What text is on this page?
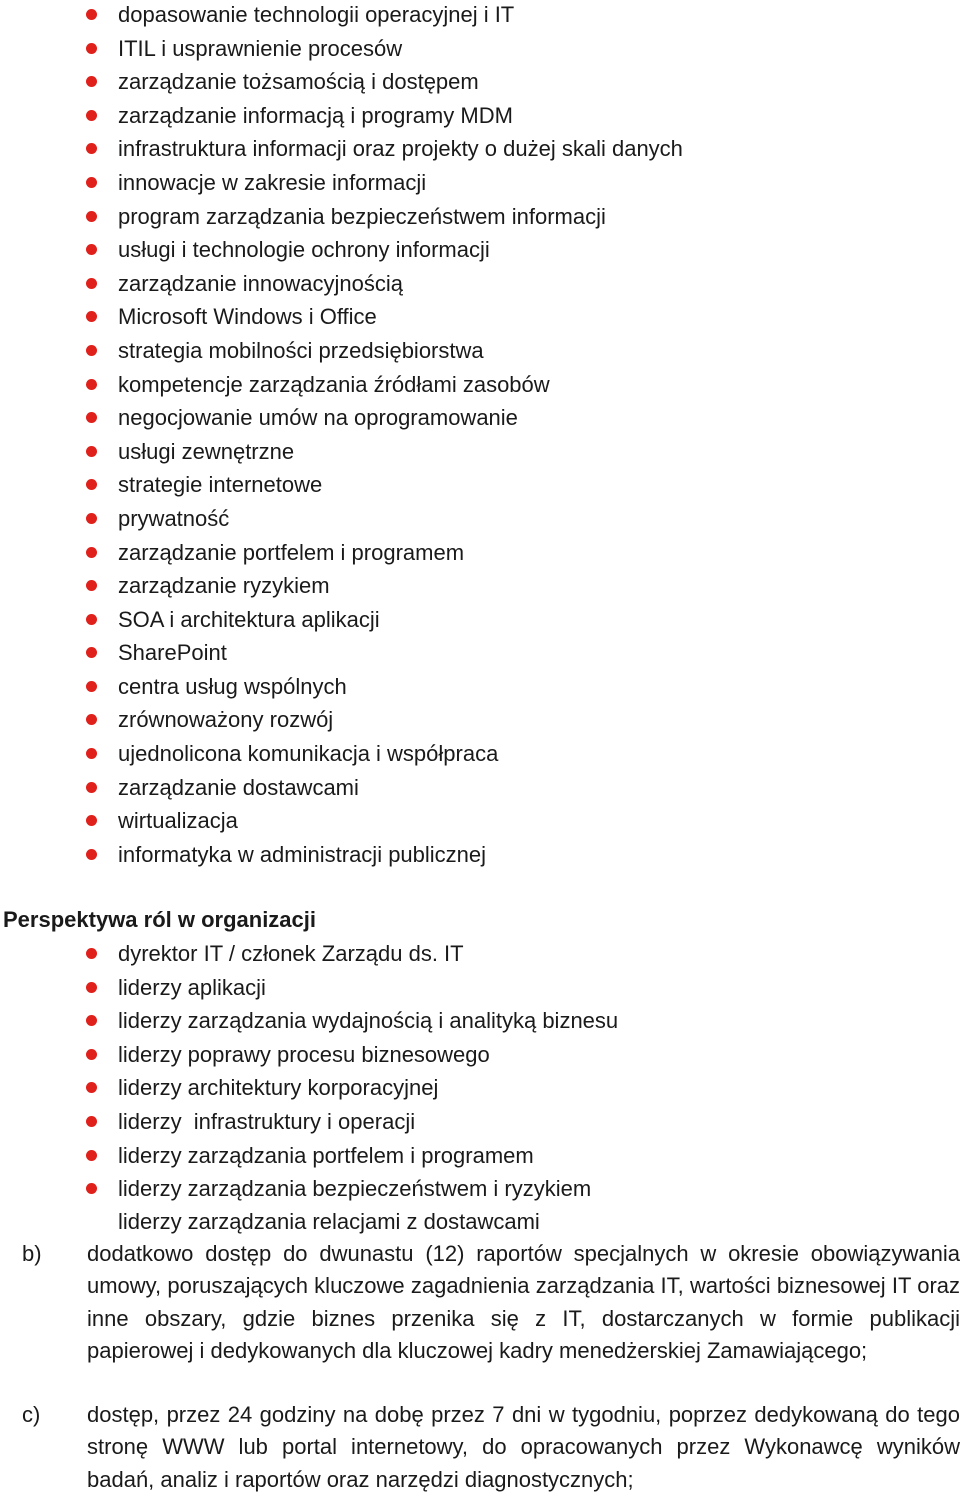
dopasowanie technologii operacyjnej i IT
ITIL i usprawnienie procesów
zarządzanie tożsamością i dostępem
zarządzanie informacją i programy MDM
infrastruktura informacji oraz projekty o dużej skali danych
innowacje w zakresie informacji
program zarządzania bezpieczeństwem informacji
usługi i technologie ochrony informacji
zarządzanie innowacyjnością
Microsoft Windows i Office
strategia mobilności przedsiębiorstwa
kompetencje zarządzania źródłami zasobów
negocjowanie umów na oprogramowanie
usługi zewnętrzne
strategie internetowe
prywatność
zarządzanie portfelem i programem
zarządzanie ryzykiem
SOA i architektura aplikacji
SharePoint
centra usług wspólnych
zrównoważony rozwój
ujednolicona komunikacja i współpraca
zarządzanie dostawcami
wirtualizacja
informatyka w administracji publicznej
Perspektywa ról w organizacji
dyrektor IT / członek Zarządu ds. IT
liderzy aplikacji
liderzy zarządzania wydajnością i analityką biznesu
liderzy poprawy procesu biznesowego
liderzy architektury korporacyjnej
liderzy  infrastruktury i operacji
liderzy zarządzania portfelem i programem
liderzy zarządzania bezpieczeństwem i ryzykiem
liderzy zarządzania relacjami z dostawcami
b) dodatkowo dostęp do dwunastu (12) raportów specjalnych w okresie obowiązywania umowy, poruszających kluczowe zagadnienia zarządzania IT, wartości biznesowej IT oraz inne obszary, gdzie biznes przenika się z IT, dostarczanych w formie publikacji papierowej i dedykowanych dla kluczowej kadry menedżerskiej Zamawiającego;
c) dostęp, przez 24 godziny na dobę przez 7 dni w tygodniu, poprzez dedykowaną do tego stronę WWW lub portal internetowy, do opracowanych przez Wykonawcę wyników badań, analiz i raportów oraz narzędzi diagnostycznych;
